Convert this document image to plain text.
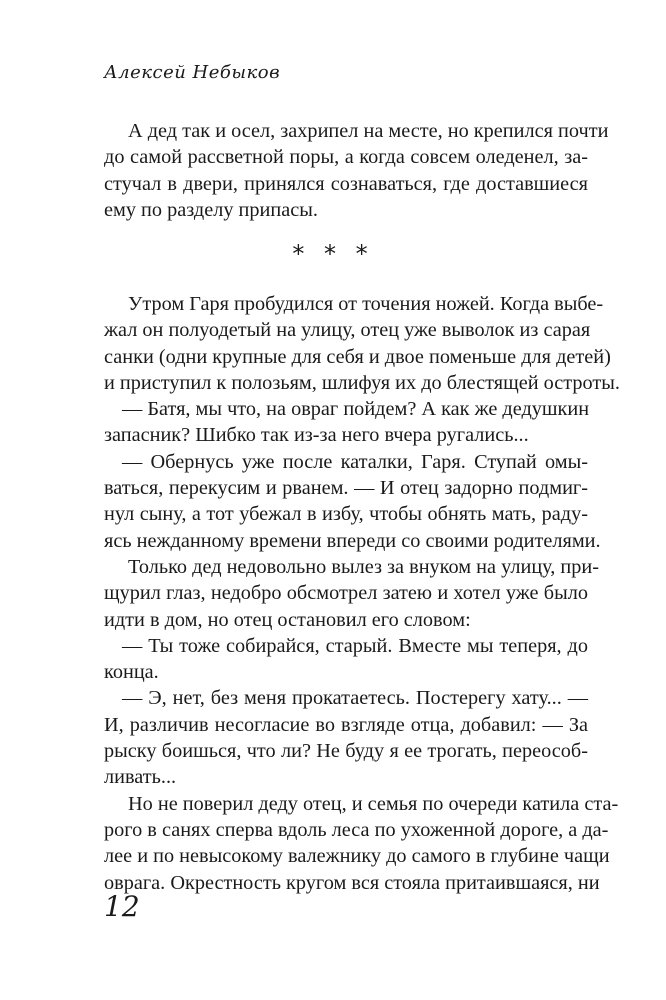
Алексей Небыков
А дед так и осел, захрипел на месте, но крепился почти
до самой рассветной поры, а когда совсем оледенел, за-
стучал в двери, принялся сознаваться, где доставшиеся
ему по разделу припасы.
* * *
Утром Гаря пробудился от точения ножей. Когда выбе-
жал он полуодетый на улицу, отец уже выволок из сарая
санки (одни крупные для себя и двое поменьше для детей)
и приступил к полозьям, шлифуя их до блестящей остроты.
— Батя, мы что, на овраг пойдем? А как же дедушкин
запасник? Шибко так из-за него вчера ругались...
— Обернусь уже после каталки, Гаря. Ступай омы-
ваться, перекусим и рванем. — И отец задорно подмиг-
нул сыну, а тот убежал в избу, чтобы обнять мать, раду-
ясь нежданному времени впереди со своими родителями.
Только дед недовольно вылез за внуком на улицу, при-
щурил глаз, недобро обсмотрел затею и хотел уже было
идти в дом, но отец остановил его словом:
— Ты тоже собирайся, старый. Вместе мы теперя, до
конца.
— Э, нет, без меня прокатаетесь. Постерегу хату... —
И, различив несогласие во взгляде отца, добавил: — За
рыску боишься, что ли? Не буду я ее трогать, переособ-
ливать...
Но не поверил деду отец, и семья по очереди катила ста-
рого в санях сперва вдоль леса по ухоженной дороге, а да-
лее и по невысокому валежнику до самого в глубине чащи
оврага. Окрестность кругом вся стояла притаившаяся, ни
12
